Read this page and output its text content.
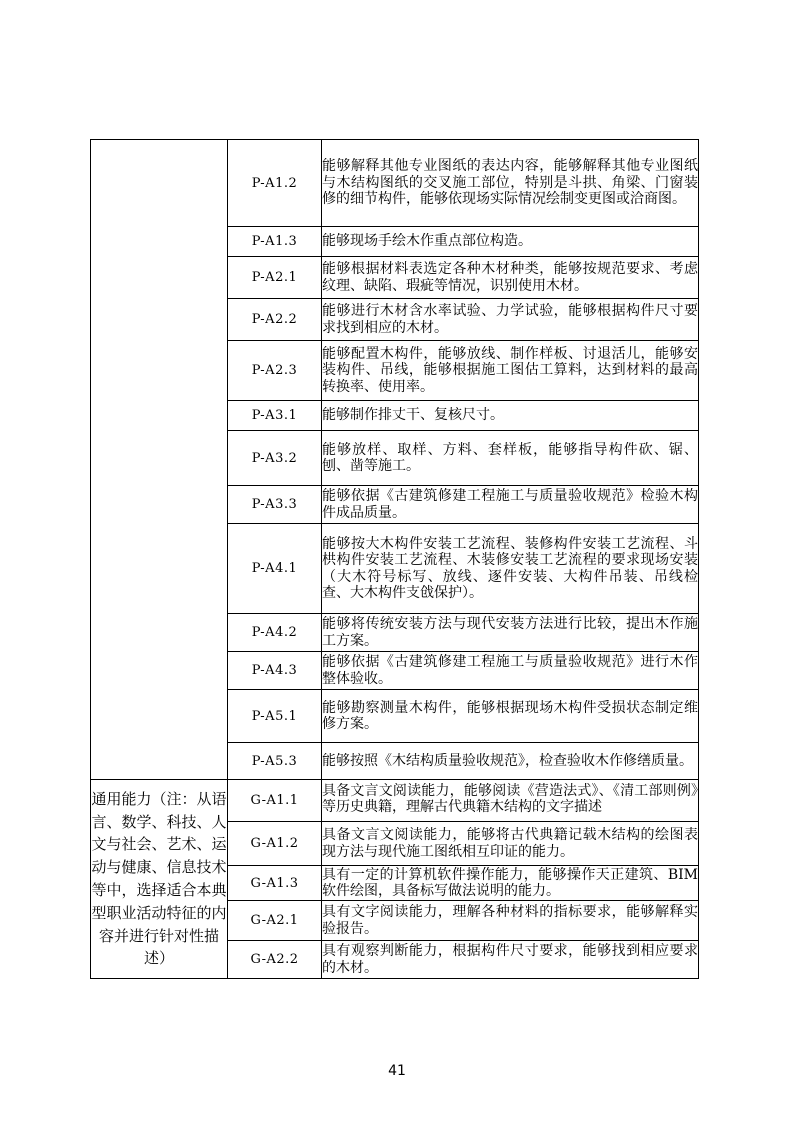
	P-A1.2	能够解释其他专业图纸的表达内容，能够解释其他专业图纸与木结构图纸的交叉施工部位，特别是斗拱、角梁、门窗装修的细节构件，能够依现场实际情况绘制变更图或洽商图。

	P-A1.3	能够现场手绘木作重点部位构造。

	P-A2.1	能够根据材料表选定各种木材种类，能够按规范要求、考虑纹理、缺陷、瑕疵等情况，识别使用木材。

	P-A2.2	能够进行木材含水率试验、力学试验，能够根据构件尺寸要求找到相应的木材。

	P-A2.3	能够配置木构件，能够放线、制作样板、讨退活儿，能够安装构件、吊线，能够根据施工图估工算料，达到材料的最高转换率、使用率。

	P-A3.1	能够制作排丈干、复核尺寸。

	P-A3.2	能够放样、取样、方料、套样板，能够指导构件砍、锯、刨、凿等施工。

	P-A3.3	能够依据《古建筑修建工程施工与质量验收规范》检验木构件成品质量。

	P-A4.1	能够按大木构件安装工艺流程、装修构件安装工艺流程、斗栱构件安装工艺流程、木装修安装工艺流程的要求现场安装（大木符号标写、放线、逐件安装、大构件吊装、吊线检查、大木构件支戗保护）。

	P-A4.2	能够将传统安装方法与现代安装方法进行比较，提出木作施工方案。

	P-A4.3	能够依据《古建筑修建工程施工与质量验收规范》进行木作整体验收。

	P-A5.1	能够勘察测量木构件，能够根据现场木构件受损状态制定维修方案。

	P-A5.3	能够按照《木结构质量验收规范》，检查验收木作修缮质量。

通用能力（注：从语言、数学、科技、人文与社会、艺术、运动与健康、信息技术等中，选择适合本典型职业活动特征的内容并进行针对性描述）	G-A1.1	具备文言文阅读能力，能够阅读《营造法式》、《清工部则例》等历史典籍，理解古代典籍木结构的文字描述

	G-A1.2	具备文言文阅读能力，能够将古代典籍记载木结构的绘图表现方法与现代施工图纸相互印证的能力。

	G-A1.3	具有一定的计算机软件操作能力，能够操作天正建筑、BIM 软件绘图，具备标写做法说明的能力。

	G-A2.1	具有文字阅读能力，理解各种材料的指标要求，能够解释实验报告。

	G-A2.2	具有观察判断能力，根据构件尺寸要求，能够找到相应要求的木材。
41
